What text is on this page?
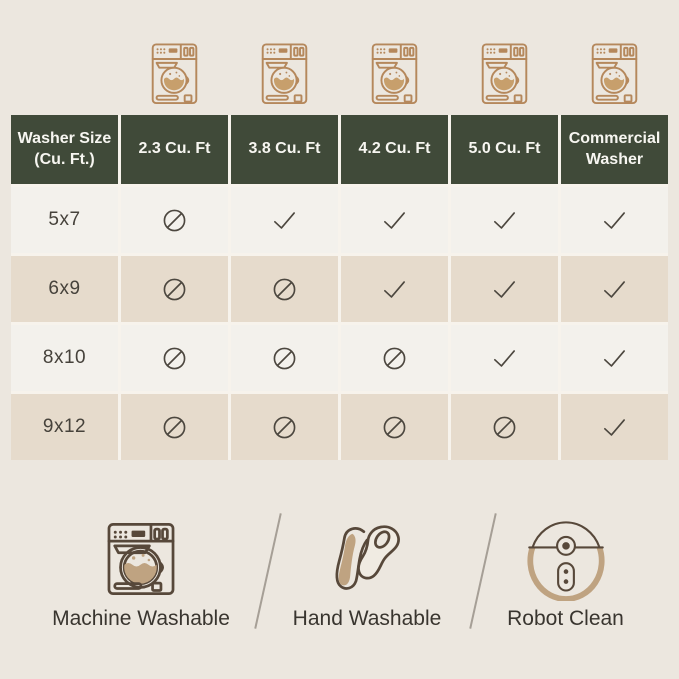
Washer Size (Cu. Ft.)
2.3 Cu. Ft 3.8 Cu. Ft 4.2 Cu. Ft 5.0 Cu. Ft
Commercial Washer
5x7
6x9
8x10
9x12
Machine Washable	Hand Washable	Robot Clean
